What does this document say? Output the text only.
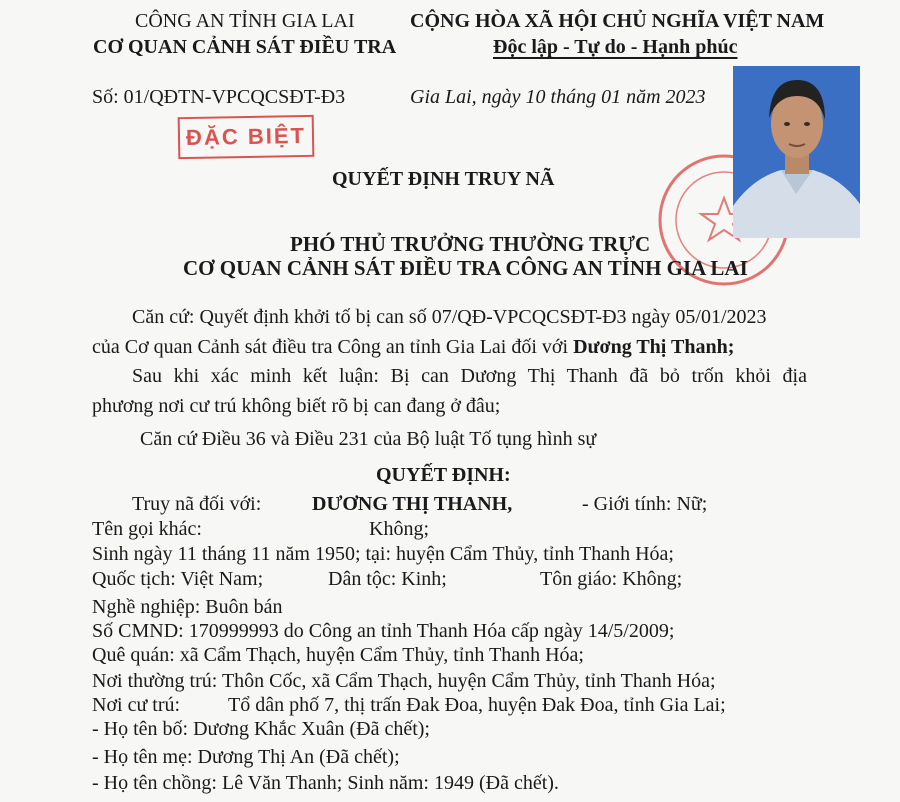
CÔNG AN TỈNH GIA LAI
CƠ QUAN CẢNH SÁT ĐIỀU TRA
CỘNG HÒA XÃ HỘI CHỦ NGHĨA VIỆT NAM
Độc lập - Tự do - Hạnh phúc
Số: 01/QĐTN-VPCQCSĐT-Đ3	Gia Lai, ngày 10 tháng 01 năm 2023
ĐẶC BIỆT
QUYẾT ĐỊNH TRUY NÃ
PHÓ THỦ TRƯỞNG THƯỜNG TRỰC
CƠ QUAN CẢNH SÁT ĐIỀU TRA CÔNG AN TỈNH GIA LAI
Căn cứ: Quyết định khởi tố bị can số 07/QĐ-VPCQCSĐT-Đ3 ngày 05/01/2023
của Cơ quan Cảnh sát điều tra Công an tỉnh Gia Lai đối với Dương Thị Thanh;
Sau khi xác minh kết luận: Bị can Dương Thị Thanh đã bỏ trốn khỏi địa
phương nơi cư trú không biết rõ bị can đang ở đâu;
Căn cứ Điều 36 và Điều 231 của Bộ luật Tố tụng hình sự
QUYẾT ĐỊNH:
Truy nã đối với:	DƯƠNG THỊ THANH,	- Giới tính: Nữ;
Tên gọi khác:	Không;
Sinh ngày 11 tháng 11 năm 1950; tại: huyện Cẩm Thủy, tỉnh Thanh Hóa;
Quốc tịch: Việt Nam;	Dân tộc: Kinh;	Tôn giáo: Không;
Nghề nghiệp: Buôn bán
Số CMND: 170999993 do Công an tỉnh Thanh Hóa cấp ngày 14/5/2009;
Quê quán: xã Cẩm Thạch, huyện Cẩm Thủy, tỉnh Thanh Hóa;
Nơi thường trú: Thôn Cốc, xã Cẩm Thạch, huyện Cẩm Thủy, tỉnh Thanh Hóa;
Nơi cư trú: Tổ dân phố 7, thị trấn Đak Đoa, huyện Đak Đoa, tỉnh Gia Lai;
- Họ tên bố: Dương Khắc Xuân (Đã chết);
- Họ tên mẹ: Dương Thị An (Đã chết);
- Họ tên chồng: Lê Văn Thanh; Sinh năm: 1949 (Đã chết).
